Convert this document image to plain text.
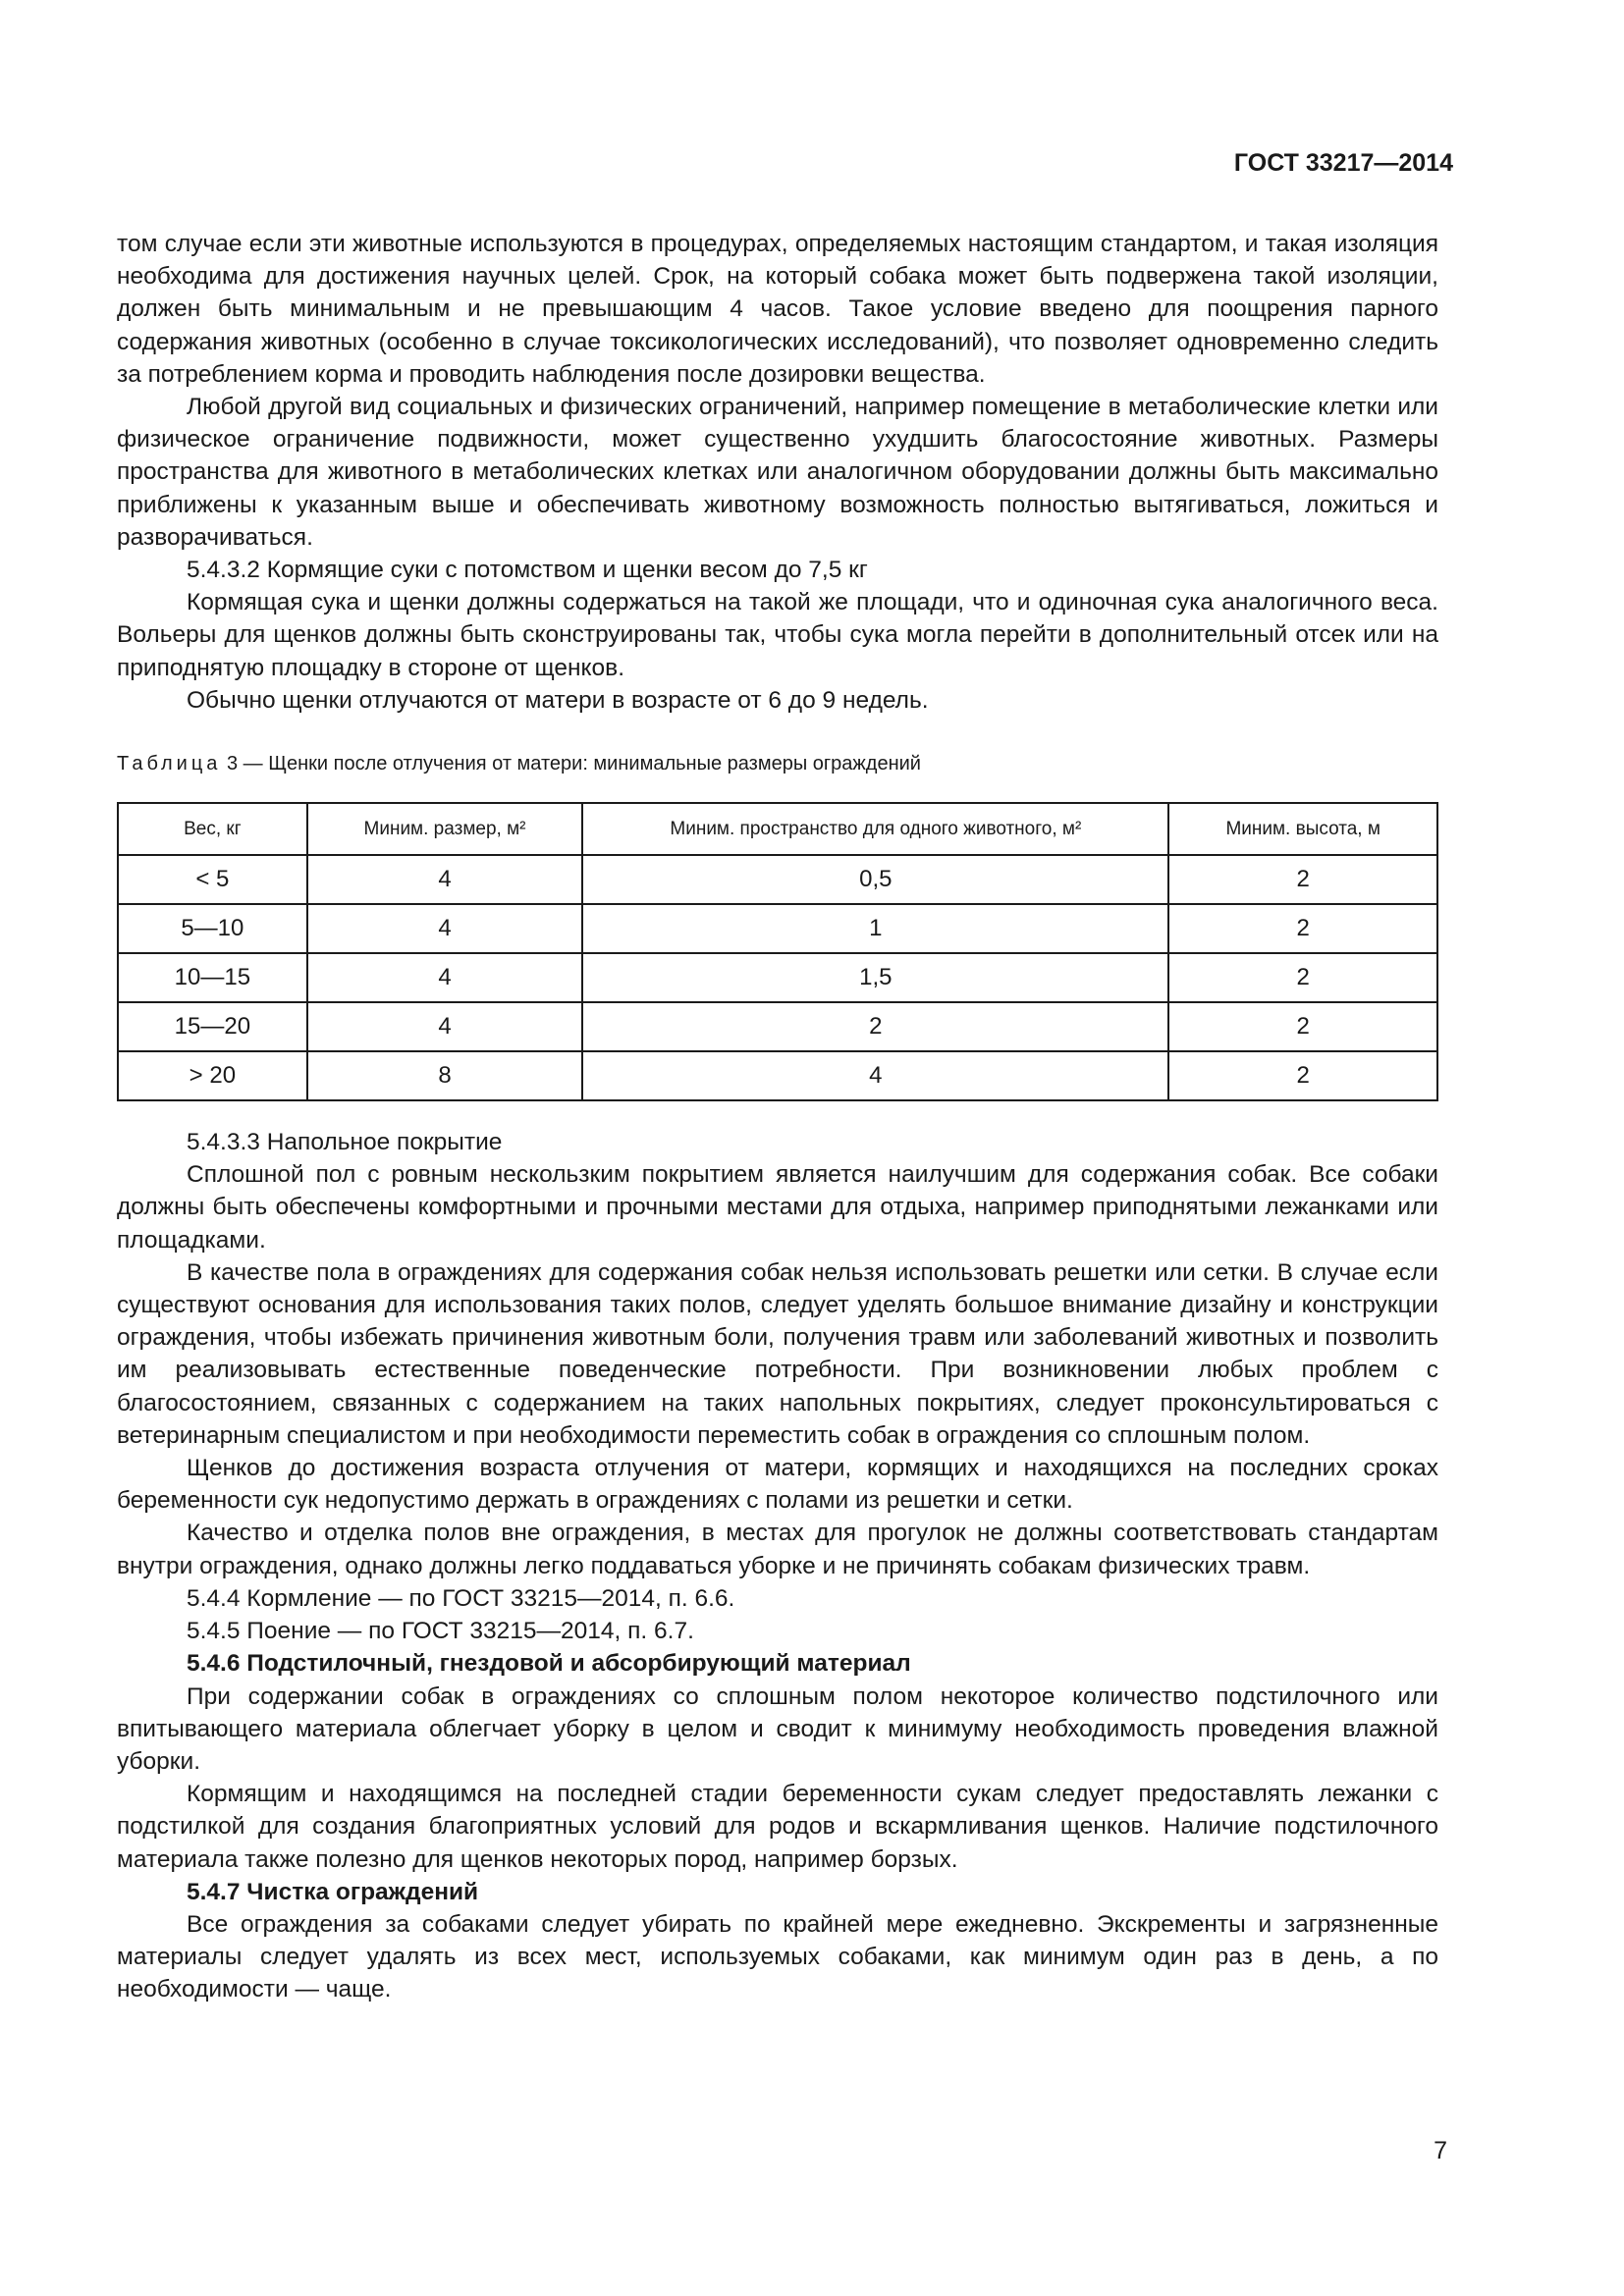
ГОСТ 33217—2014

том случае если эти животные используются в процедурах, определяемых настоящим стандартом, и такая изоляция необходима для достижения научных целей. Срок, на который собака может быть подвержена такой изоляции, должен быть минимальным и не превышающим 4 часов. Такое условие введено для поощрения парного содержания животных (особенно в случае токсикологических исследований), что позволяет одновременно следить за потреблением корма и проводить наблюдения после дозировки вещества.

Любой другой вид социальных и физических ограничений, например помещение в метаболические клетки или физическое ограничение подвижности, может существенно ухудшить благосостояние животных. Размеры пространства для животного в метаболических клетках или аналогичном оборудовании должны быть максимально приближены к указанным выше и обеспечивать животному возможность полностью вытягиваться, ложиться и разворачиваться.

5.4.3.2 Кормящие суки с потомством и щенки весом до 7,5 кг

Кормящая сука и щенки должны содержаться на такой же площади, что и одиночная сука аналогичного веса. Вольеры для щенков должны быть сконструированы так, чтобы сука могла перейти в дополнительный отсек или на приподнятую площадку в стороне от щенков.

Обычно щенки отлучаются от матери в возрасте от 6 до 9 недель.

Таблица 3 — Щенки после отлучения от матери: минимальные размеры ограждений
Вес, кг	Миним. размер, м²	Миним. пространство для одного животного, м²	Миним. высота, м
< 5	4	0,5	2
5—10	4	1	2
10—15	4	1,5	2
15—20	4	2	2
> 20	8	4	2

5.4.3.3 Напольное покрытие

Сплошной пол с ровным нескользким покрытием является наилучшим для содержания собак. Все собаки должны быть обеспечены комфортными и прочными местами для отдыха, например приподнятыми лежанками или площадками.

В качестве пола в ограждениях для содержания собак нельзя использовать решетки или сетки. В случае если существуют основания для использования таких полов, следует уделять большое внимание дизайну и конструкции ограждения, чтобы избежать причинения животным боли, получения травм или заболеваний животных и позволить им реализовывать естественные поведенческие потребности. При возникновении любых проблем с благосостоянием, связанных с содержанием на таких напольных покрытиях, следует проконсультироваться с ветеринарным специалистом и при необходимости переместить собак в ограждения со сплошным полом.

Щенков до достижения возраста отлучения от матери, кормящих и находящихся на последних сроках беременности сук недопустимо держать в ограждениях с полами из решетки и сетки.

Качество и отделка полов вне ограждения, в местах для прогулок не должны соответствовать стандартам внутри ограждения, однако должны легко поддаваться уборке и не причинять собакам физических травм.

5.4.4 Кормление — по ГОСТ 33215—2014, п. 6.6.

5.4.5 Поение — по ГОСТ 33215—2014, п. 6.7.

5.4.6 Подстилочный, гнездовой и абсорбирующий материал

При содержании собак в ограждениях со сплошным полом некоторое количество подстилочного или впитывающего материала облегчает уборку в целом и сводит к минимуму необходимость проведения влажной уборки.

Кормящим и находящимся на последней стадии беременности сукам следует предоставлять лежанки с подстилкой для создания благоприятных условий для родов и вскармливания щенков. Наличие подстилочного материала также полезно для щенков некоторых пород, например борзых.

5.4.7 Чистка ограждений

Все ограждения за собаками следует убирать по крайней мере ежедневно. Экскременты и загрязненные материалы следует удалять из всех мест, используемых собаками, как минимум один раз в день, а по необходимости — чаще.

7
